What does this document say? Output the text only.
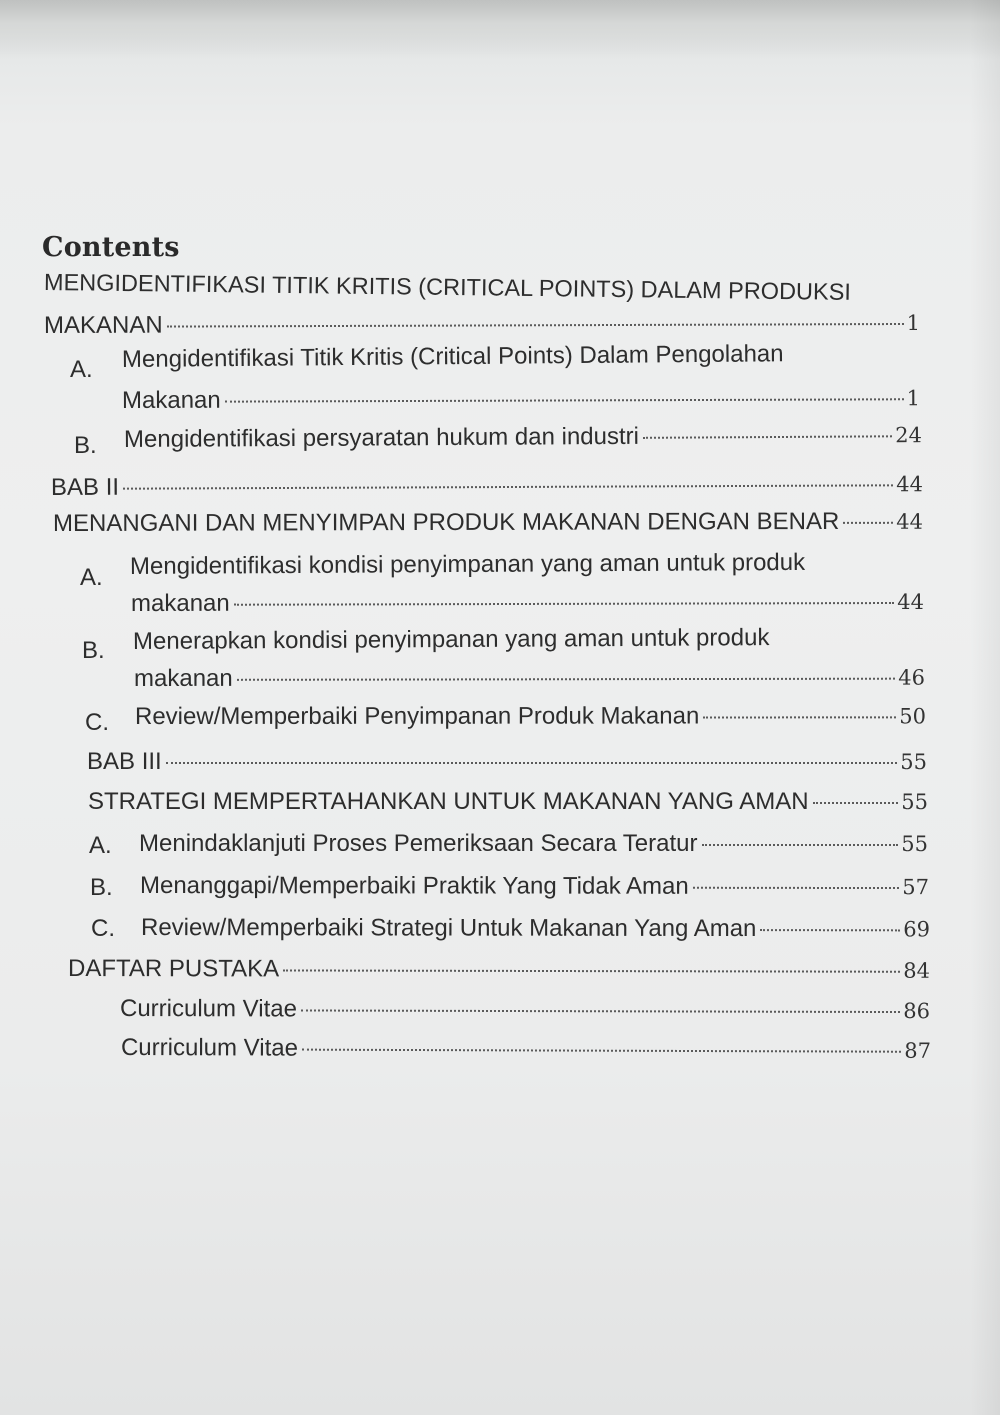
Contents
MENGIDENTIFIKASI TITIK KRITIS (CRITICAL POINTS) DALAM PRODUKSI
MAKANAN	1
A. Mengidentifikasi Titik Kritis (Critical Points) Dalam Pengolahan
Makanan	1
B. Mengidentifikasi persyaratan hukum dan industri	24
BAB II	44
MENANGANI DAN MENYIMPAN PRODUK MAKANAN DENGAN BENAR	44
A. Mengidentifikasi kondisi penyimpanan yang aman untuk produk
makanan	44
B. Menerapkan kondisi penyimpanan yang aman untuk produk
makanan	46
C. Review/Memperbaiki Penyimpanan Produk Makanan	50
BAB III	55
STRATEGI MEMPERTAHANKAN UNTUK MAKANAN YANG AMAN	55
A. Menindaklanjuti Proses Pemeriksaan Secara Teratur	55
B. Menanggapi/Memperbaiki Praktik Yang Tidak Aman	57
C. Review/Memperbaiki Strategi Untuk Makanan Yang Aman	69
DAFTAR PUSTAKA	84
Curriculum Vitae	86
Curriculum Vitae	87
